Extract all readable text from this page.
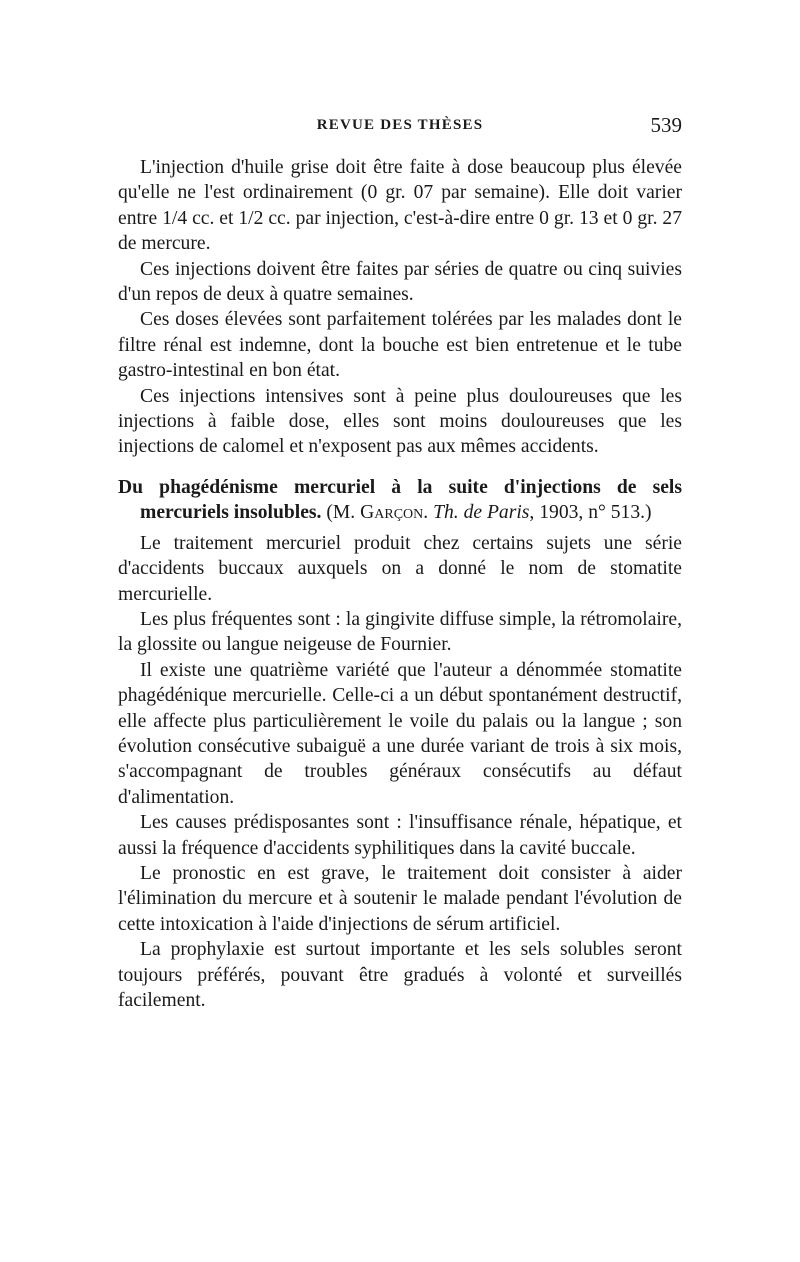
REVUE DES THÈSES	539

L'injection d'huile grise doit être faite à dose beaucoup plus élevée qu'elle ne l'est ordinairement (0 gr. 07 par semaine). Elle doit varier entre 1/4 cc. et 1/2 cc. par injection, c'est-à-dire entre 0 gr. 13 et 0 gr. 27 de mercure.

Ces injections doivent être faites par séries de quatre ou cinq suivies d'un repos de deux à quatre semaines.

Ces doses élevées sont parfaitement tolérées par les malades dont le filtre rénal est indemne, dont la bouche est bien entretenue et le tube gastro-intestinal en bon état.

Ces injections intensives sont à peine plus douloureuses que les injections à faible dose, elles sont moins douloureuses que les injections de calomel et n'exposent pas aux mêmes accidents.

Du phagédénisme mercuriel à la suite d'injections de sels mercuriels insolubles. (M. Garçon. Th. de Paris, 1903, n° 513.)

Le traitement mercuriel produit chez certains sujets une série d'accidents buccaux auxquels on a donné le nom de stomatite mercurielle.

Les plus fréquentes sont : la gingivite diffuse simple, la rétromolaire, la glossite ou langue neigeuse de Fournier.

Il existe une quatrième variété que l'auteur a dénommée stomatite phagédénique mercurielle. Celle-ci a un début spontanément destructif, elle affecte plus particulièrement le voile du palais ou la langue ; son évolution consécutive subaiguë a une durée variant de trois à six mois, s'accompagnant de troubles généraux consécutifs au défaut d'alimentation.

Les causes prédisposantes sont : l'insuffisance rénale, hépatique, et aussi la fréquence d'accidents syphilitiques dans la cavité buccale.

Le pronostic en est grave, le traitement doit consister à aider l'élimination du mercure et à soutenir le malade pendant l'évolution de cette intoxication à l'aide d'injections de sérum artificiel.

La prophylaxie est surtout importante et les sels solubles seront toujours préférés, pouvant être gradués à volonté et surveillés facilement.
